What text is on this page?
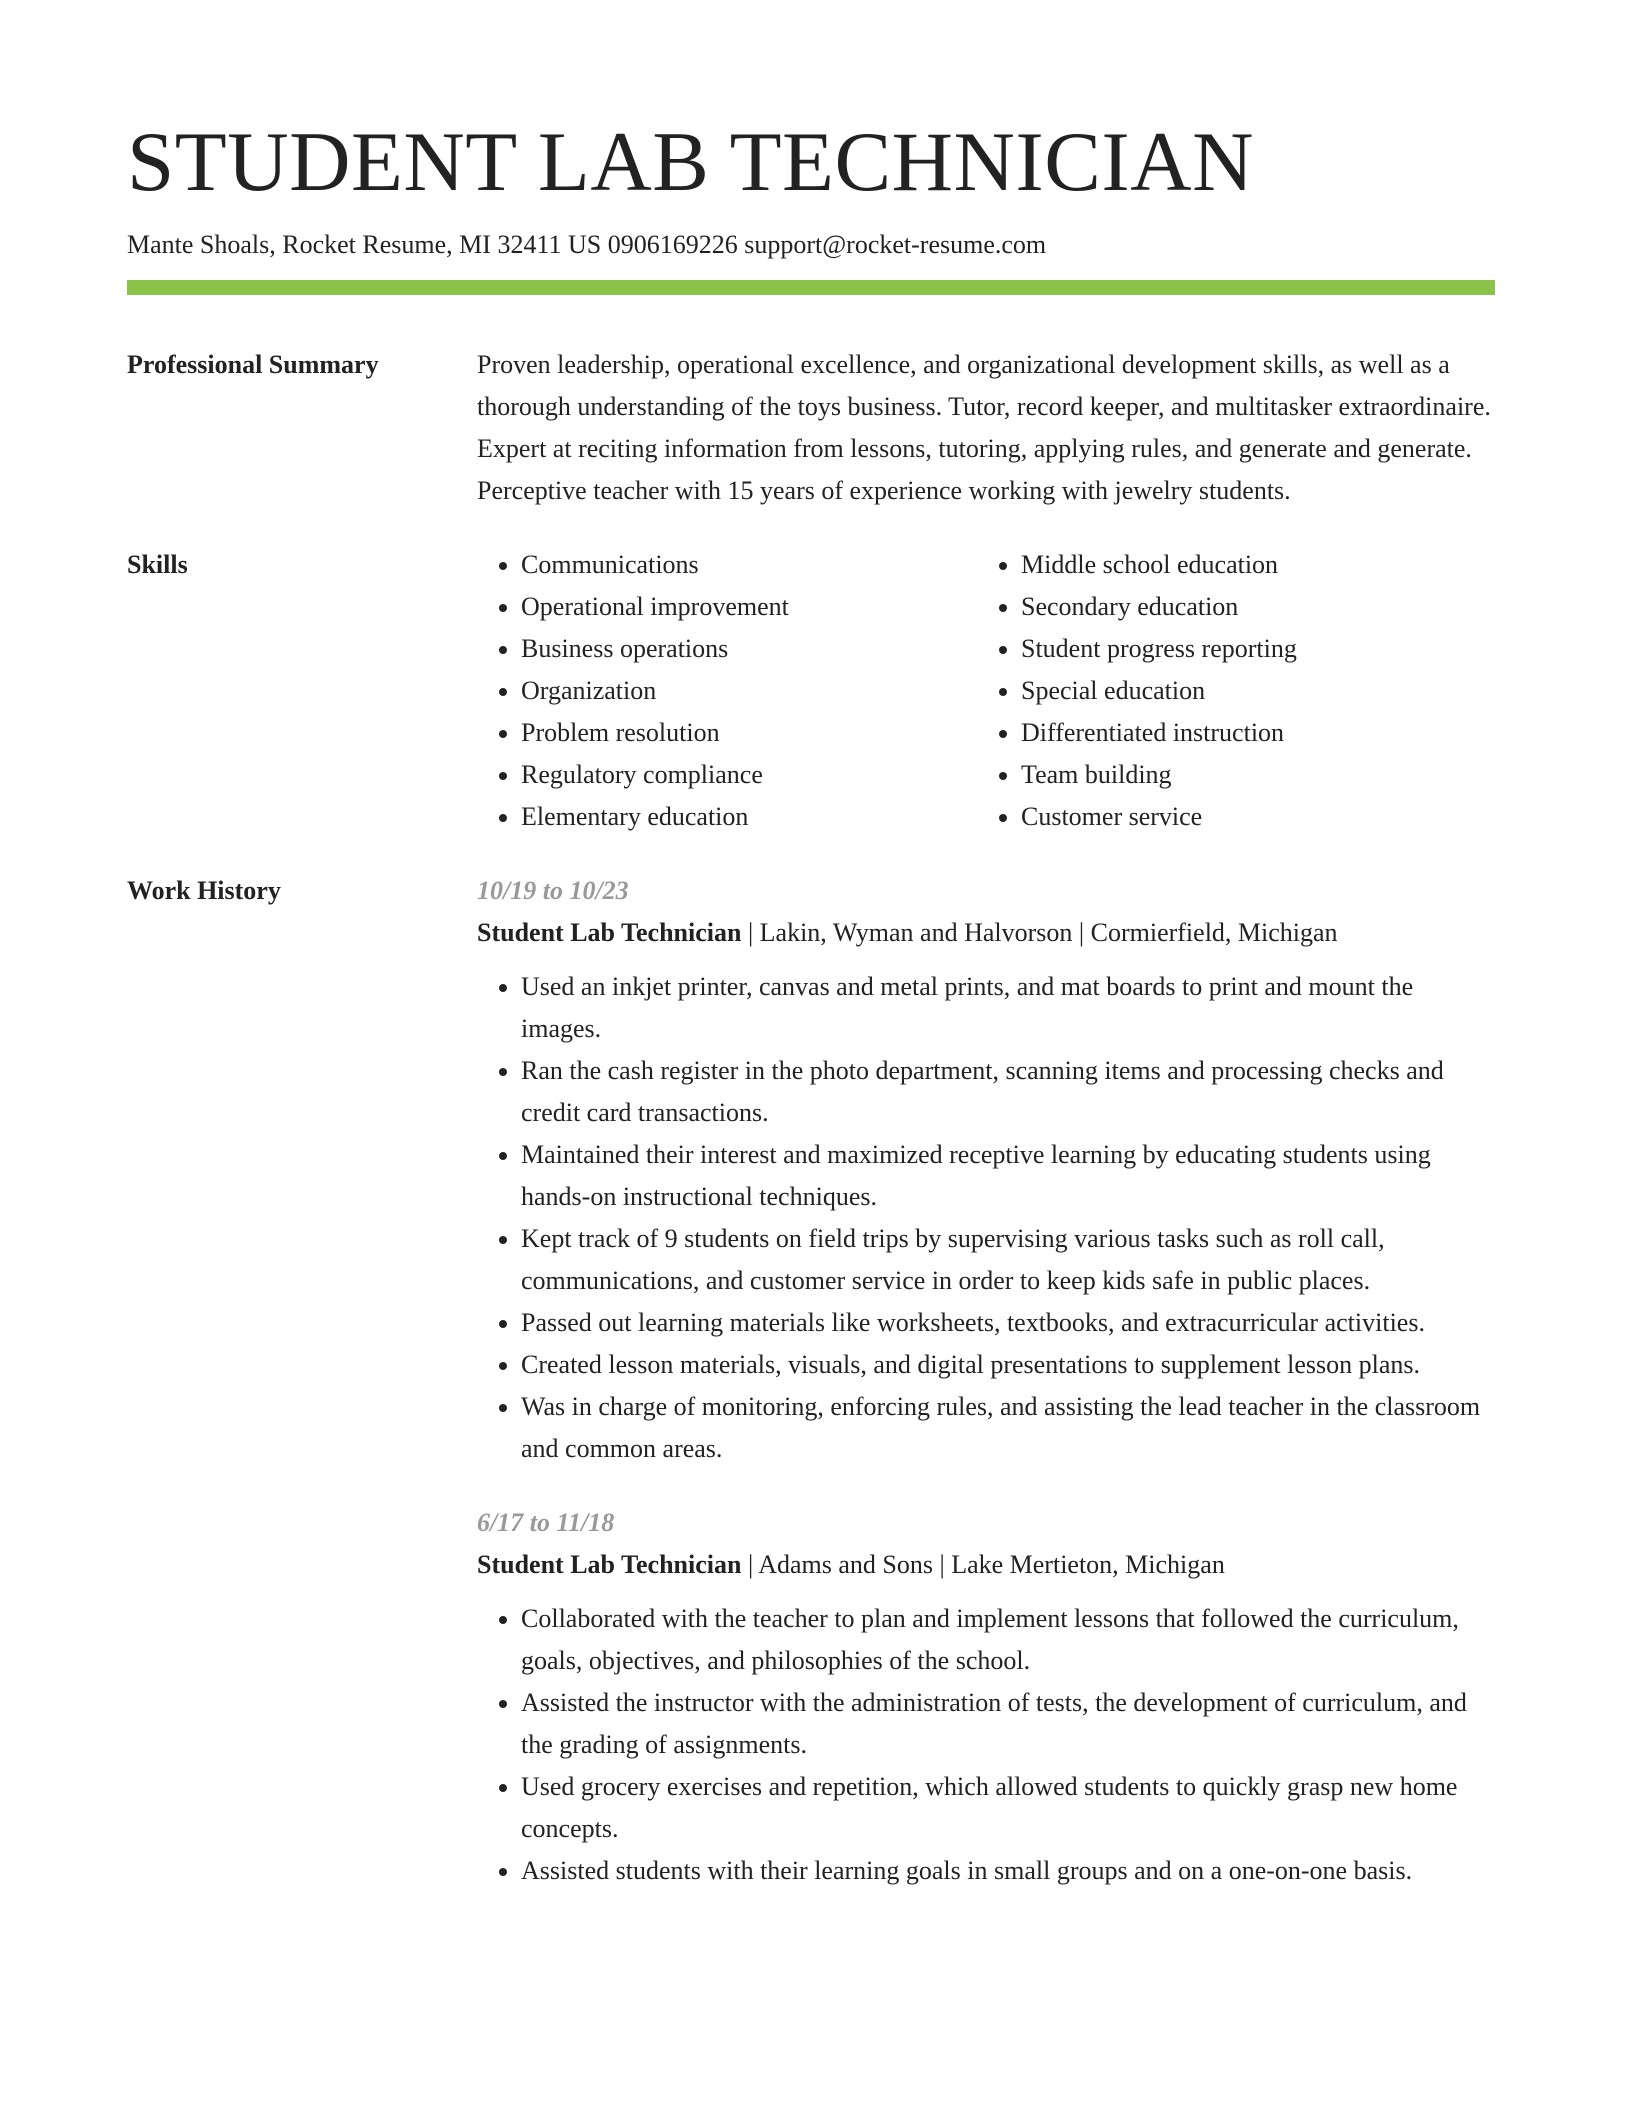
STUDENT LAB TECHNICIAN
Mante Shoals, Rocket Resume, MI 32411 US 0906169226 support@rocket-resume.com
Professional Summary	Proven leadership, operational excellence, and organizational development skills, as well as a thorough understanding of the toys business. Tutor, record keeper, and multitasker extraordinaire. Expert at reciting information from lessons, tutoring, applying rules, and generate and generate. Perceptive teacher with 15 years of experience working with jewelry students.
Skills
•	Communications
• Operational improvement
• Business operations
• Organization
• Problem resolution
• Regulatory compliance
• Elementary education
• Middle school education
• Secondary education
• Student progress reporting
• Special education
• Differentiated instruction
• Team building
• Customer service
Work History	10/19 to 10/23
Student Lab Technician | Lakin, Wyman and Halvorson | Cormierfield, Michigan
• Used an inkjet printer, canvas and metal prints, and mat boards to print and mount the images.
• Ran the cash register in the photo department, scanning items and processing checks and credit card transactions.
• Maintained their interest and maximized receptive learning by educating students using hands-on instructional techniques.
• Kept track of 9 students on field trips by supervising various tasks such as roll call, communications, and customer service in order to keep kids safe in public places.
• Passed out learning materials like worksheets, textbooks, and extracurricular activities.
• Created lesson materials, visuals, and digital presentations to supplement lesson plans.
• Was in charge of monitoring, enforcing rules, and assisting the lead teacher in the classroom and common areas.
6/17 to 11/18
Student Lab Technician | Adams and Sons | Lake Mertieton, Michigan
• Collaborated with the teacher to plan and implement lessons that followed the curriculum, goals, objectives, and philosophies of the school.
• Assisted the instructor with the administration of tests, the development of curriculum, and the grading of assignments.
• Used grocery exercises and repetition, which allowed students to quickly grasp new home concepts.
• Assisted students with their learning goals in small groups and on a one-on-one basis.
